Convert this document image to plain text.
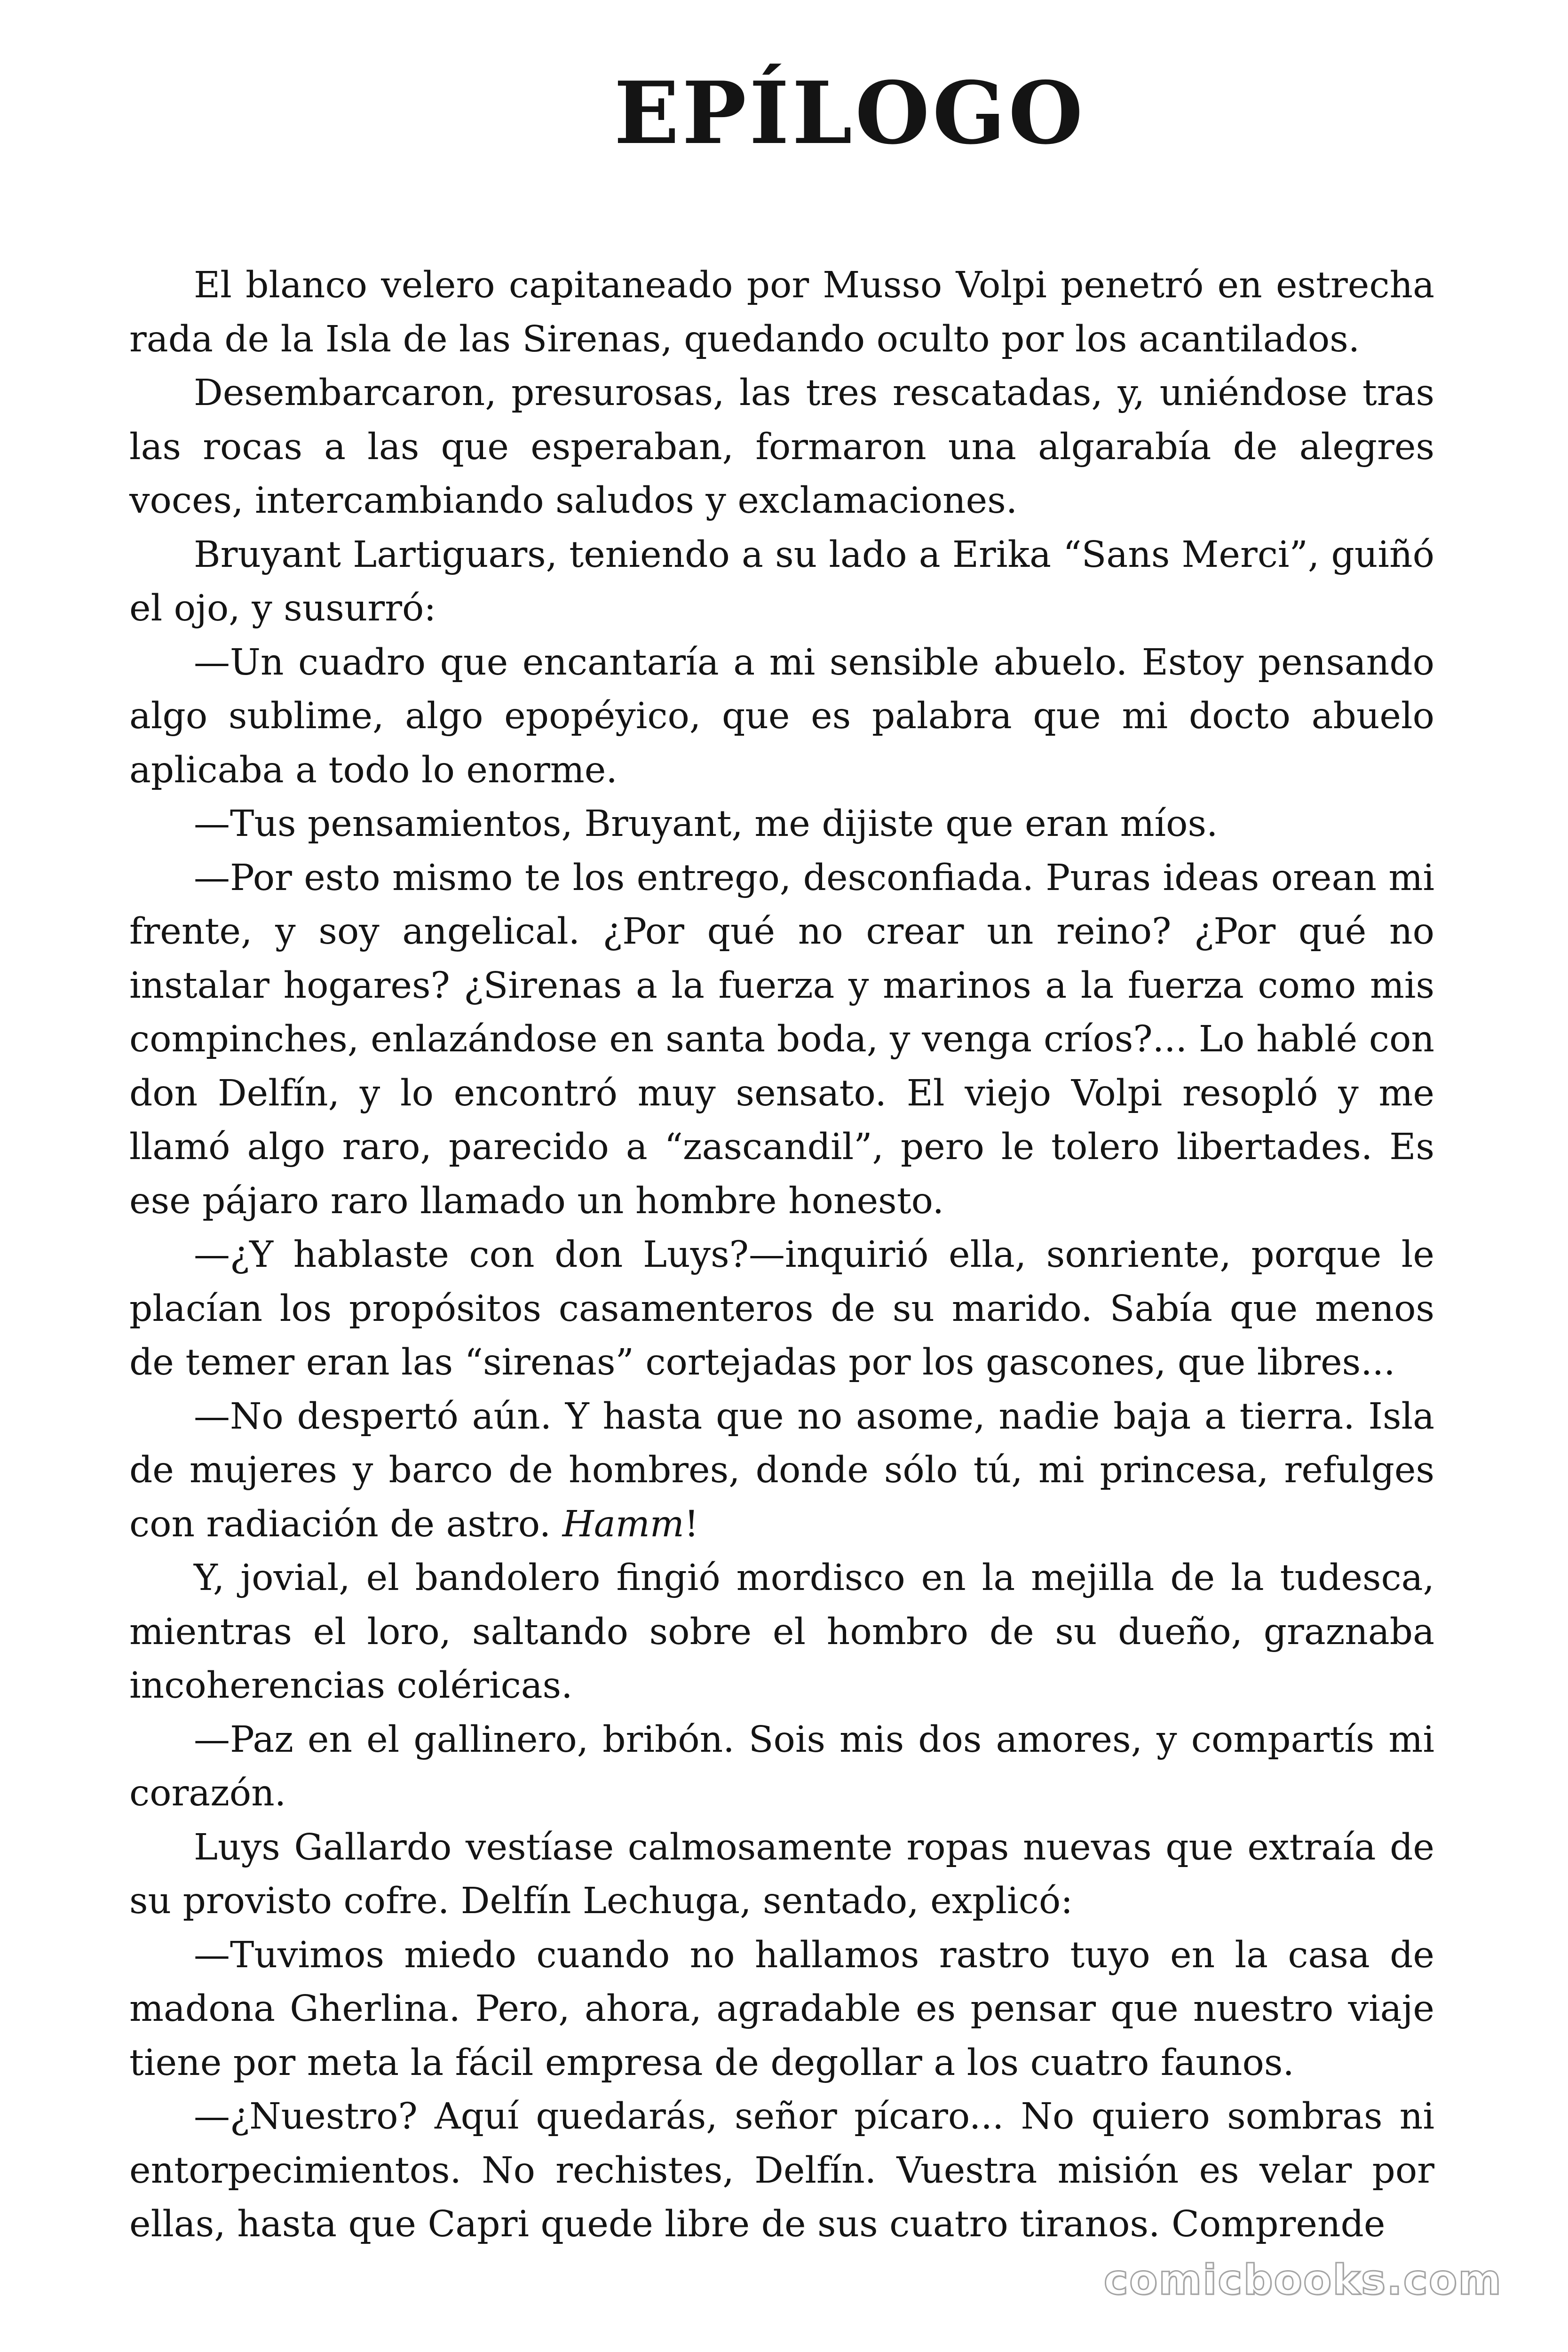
EPÍLOGO

El blanco velero capitaneado por Musso Volpi penetró en estrecha rada de la Isla de las Sirenas, quedando oculto por los acantilados.

Desembarcaron, presurosas, las tres rescatadas, y, uniéndose tras las rocas a las que esperaban, formaron una algarabía de alegres voces, intercambiando saludos y exclamaciones.

Bruyant Lartiguars, teniendo a su lado a Erika “Sans Merci”, guiñó el ojo, y susurró:

—Un cuadro que encantaría a mi sensible abuelo. Estoy pensando algo sublime, algo epopéyico, que es palabra que mi docto abuelo aplicaba a todo lo enorme.

—Tus pensamientos, Bruyant, me dijiste que eran míos.

—Por esto mismo te los entrego, desconfiada. Puras ideas orean mi frente, y soy angelical. ¿Por qué no crear un reino? ¿Por qué no instalar hogares? ¿Sirenas a la fuerza y marinos a la fuerza como mis compinches, enlazándose en santa boda, y venga críos?... Lo hablé con don Delfín, y lo encontró muy sensato. El viejo Volpi resopló y me llamó algo raro, parecido a “zascandil”, pero le tolero libertades. Es ese pájaro raro llamado un hombre honesto.

—¿Y hablaste con don Luys?—inquirió ella, sonriente, porque le placían los propósitos casamenteros de su marido. Sabía que menos de temer eran las “sirenas” cortejadas por los gascones, que libres...

—No despertó aún. Y hasta que no asome, nadie baja a tierra. Isla de mujeres y barco de hombres, donde sólo tú, mi princesa, refulges con radiación de astro. Hamm!

Y, jovial, el bandolero fingió mordisco en la mejilla de la tudesca, mientras el loro, saltando sobre el hombro de su dueño, graznaba incoherencias coléricas.

—Paz en el gallinero, bribón. Sois mis dos amores, y compartís mi corazón.

Luys Gallardo vestíase calmosamente ropas nuevas que extraía de su provisto cofre. Delfín Lechuga, sentado, explicó:

—Tuvimos miedo cuando no hallamos rastro tuyo en la casa de madona Gherlina. Pero, ahora, agradable es pensar que nuestro viaje tiene por meta la fácil empresa de degollar a los cuatro faunos.

—¿Nuestro? Aquí quedarás, señor pícaro... No quiero sombras ni entorpecimientos. No rechistes, Delfín. Vuestra misión es velar por ellas, hasta que Capri quede libre de sus cuatro tiranos. Comprende

comicbooks.com
